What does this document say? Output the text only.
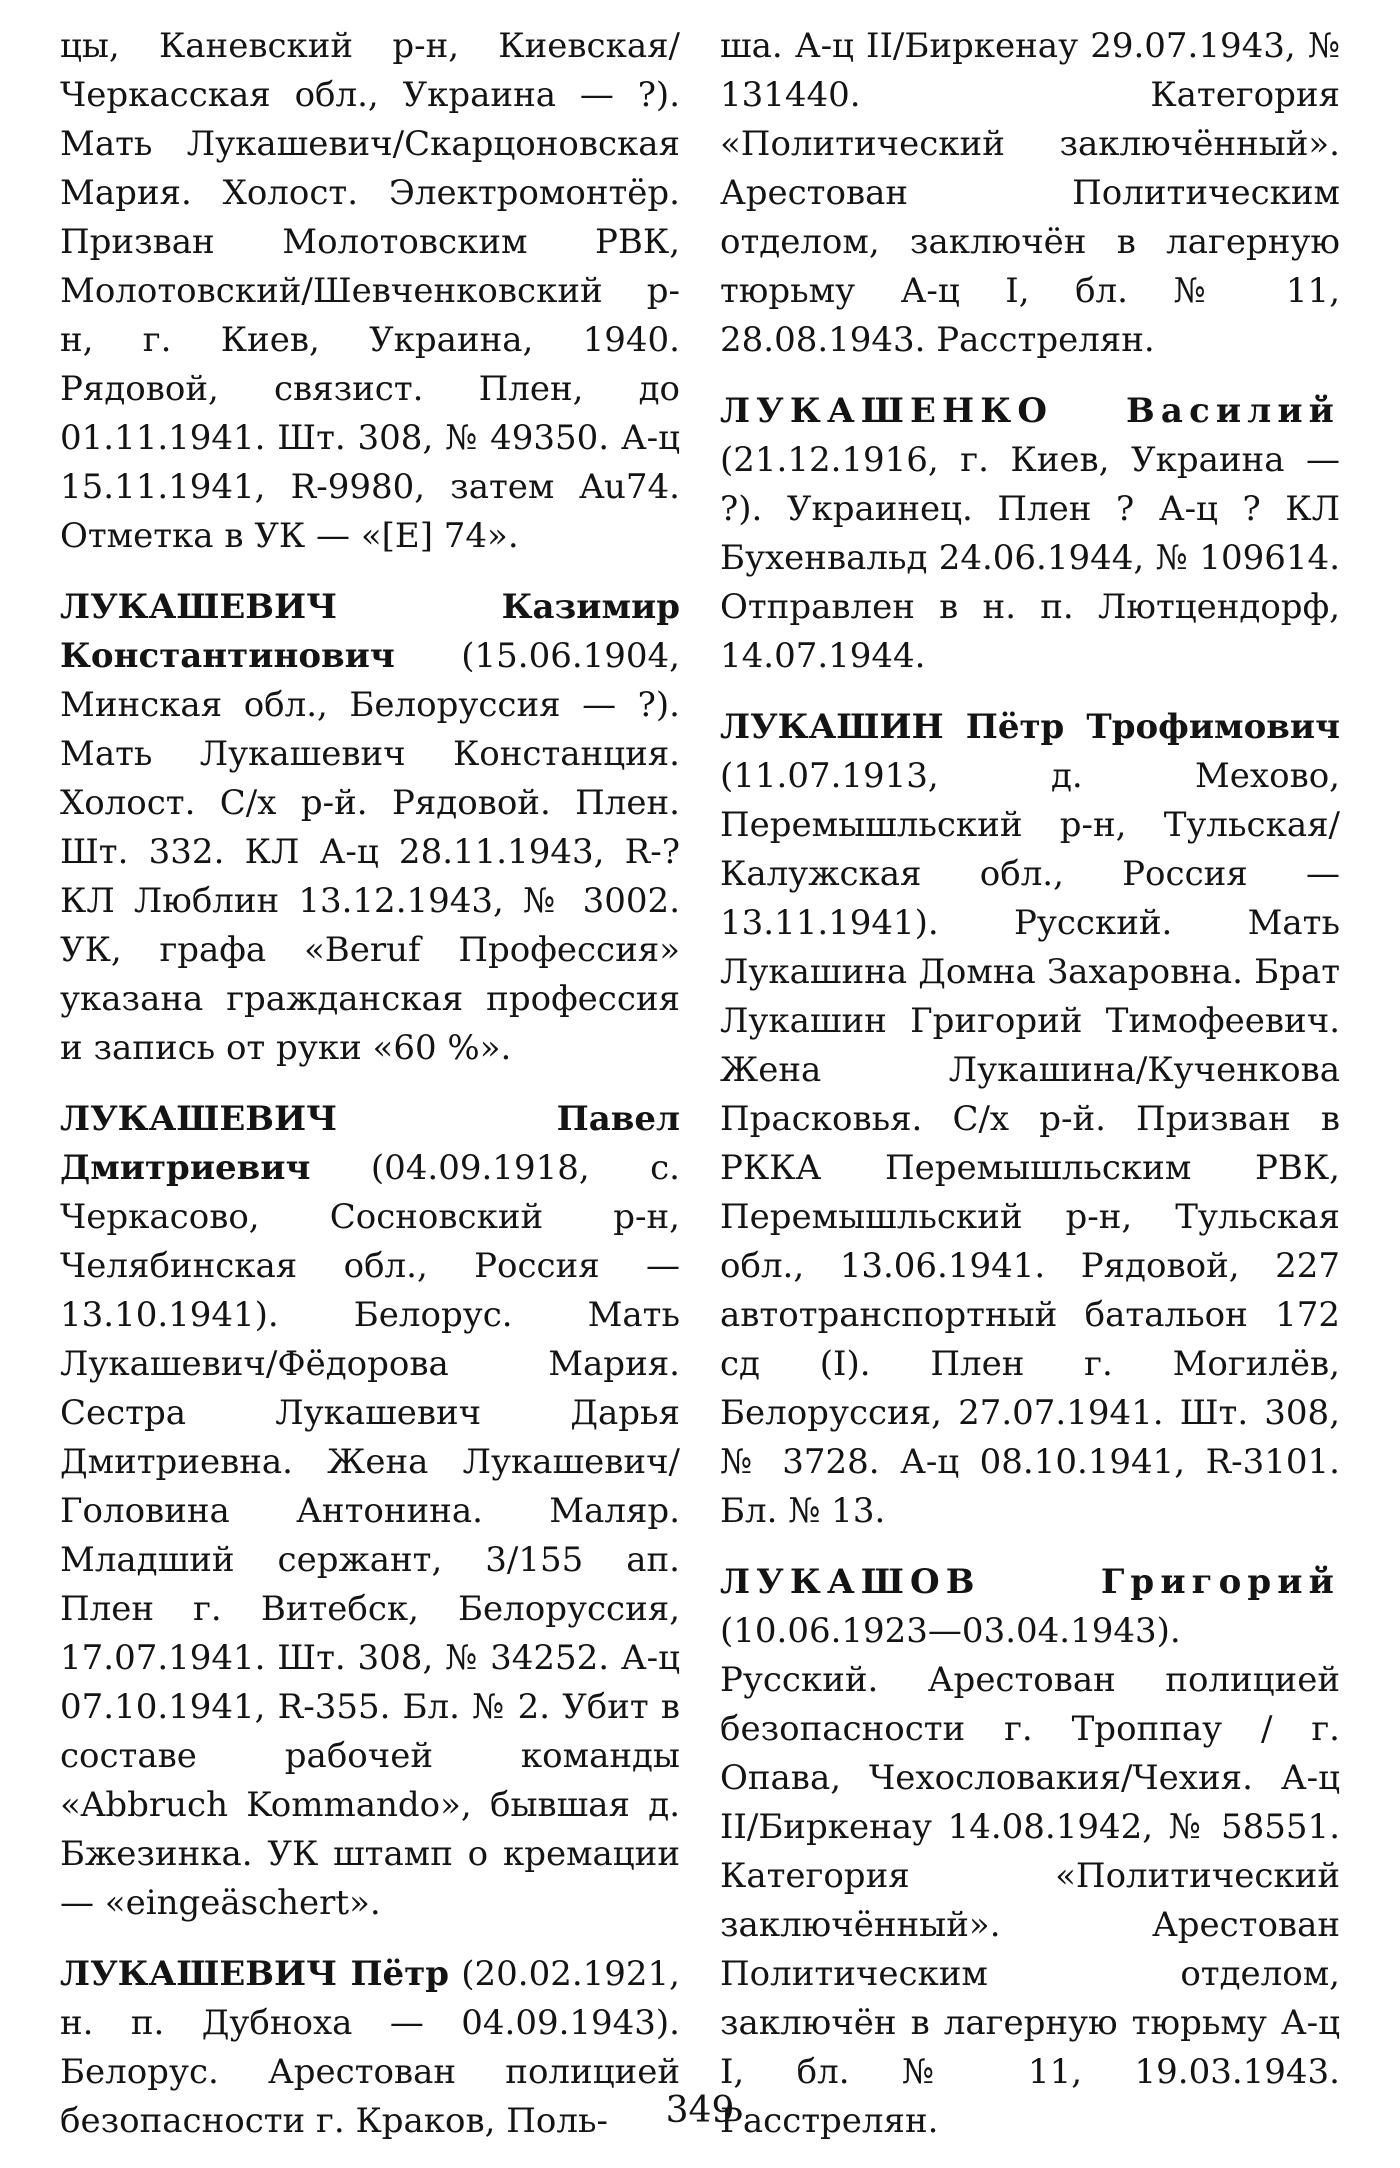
цы, Каневский р-н, Киевская/Черкасская обл., Украина — ?). Мать Лукашевич/Скарцоновская Мария. Холост. Электромонтёр. Призван Молотовским РВК, Молотовский/Шевченковский р-н, г. Киев, Украина, 1940. Рядовой, связист. Плен, до 01.11.1941. Шт. 308, № 49350. А-ц 15.11.1941, R-9980, затем Au74. Отметка в УК — «[E] 74».

ЛУКАШЕВИЧ Казимир Константинович (15.06.1904, Минская обл., Белоруссия — ?). Мать Лукашевич Констанция. Холост. С/х р-й. Рядовой. Плен. Шт. 332. КЛ А-ц 28.11.1943, R-? КЛ Люблин 13.12.1943, № 3002. УК, графа «Beruf Профессия» указана гражданская профессия и запись от руки «60 %».

ЛУКАШЕВИЧ Павел Дмитриевич (04.09.1918, с. Черкасово, Сосновский р-н, Челябинская обл., Россия — 13.10.1941). Белорус. Мать Лукашевич/Фёдорова Мария. Сестра Лукашевич Дарья Дмитриевна. Жена Лукашевич/Головина Антонина. Маляр. Младший сержант, 3/155 ап. Плен г. Витебск, Белоруссия, 17.07.1941. Шт. 308, № 34252. А-ц 07.10.1941, R-355. Бл. № 2. Убит в составе рабочей команды «Abbruch Kommando», бывшая д. Бжезинка. УК штамп о кремации — «eingeäschert».

ЛУКАШЕВИЧ Пётр (20.02.1921, н. п. Дубноха — 04.09.1943). Белорус. Арестован полицией безопасности г. Краков, Поль-

ша. А-ц II/Биркенау 29.07.1943, № 131440. Категория «Политический заключённый». Арестован Политическим отделом, заключён в лагерную тюрьму А-ц I, бл. № 11, 28.08.1943. Расстрелян.

ЛУКАШЕНКО Василий (21.12.1916, г. Киев, Украина — ?). Украинец. Плен ? А-ц ? КЛ Бухенвальд 24.06.1944, № 109614. Отправлен в н. п. Лютцендорф, 14.07.1944.

ЛУКАШИН Пётр Трофимович (11.07.1913, д. Мехово, Перемышльский р-н, Тульская/Калужская обл., Россия — 13.11.1941). Русский. Мать Лукашина Домна Захаровна. Брат Лукашин Григорий Тимофеевич. Жена Лукашина/Кученкова Прасковья. С/х р-й. Призван в РККА Перемышльским РВК, Перемышльский р-н, Тульская обл., 13.06.1941. Рядовой, 227 автотранспортный батальон 172 сд (I). Плен г. Могилёв, Белоруссия, 27.07.1941. Шт. 308, № 3728. А-ц 08.10.1941, R-3101. Бл. № 13.

ЛУКАШОВ Григорий (10.06.1923—03.04.1943). Русский. Арестован полицией безопасности г. Троппау / г. Опава, Чехословакия/Чехия. А-ц II/Биркенау 14.08.1942, № 58551. Категория «Политический заключённый». Арестован Политическим отделом, заключён в лагерную тюрьму А-ц I, бл. № 11, 19.03.1943. Расстрелян.

349
